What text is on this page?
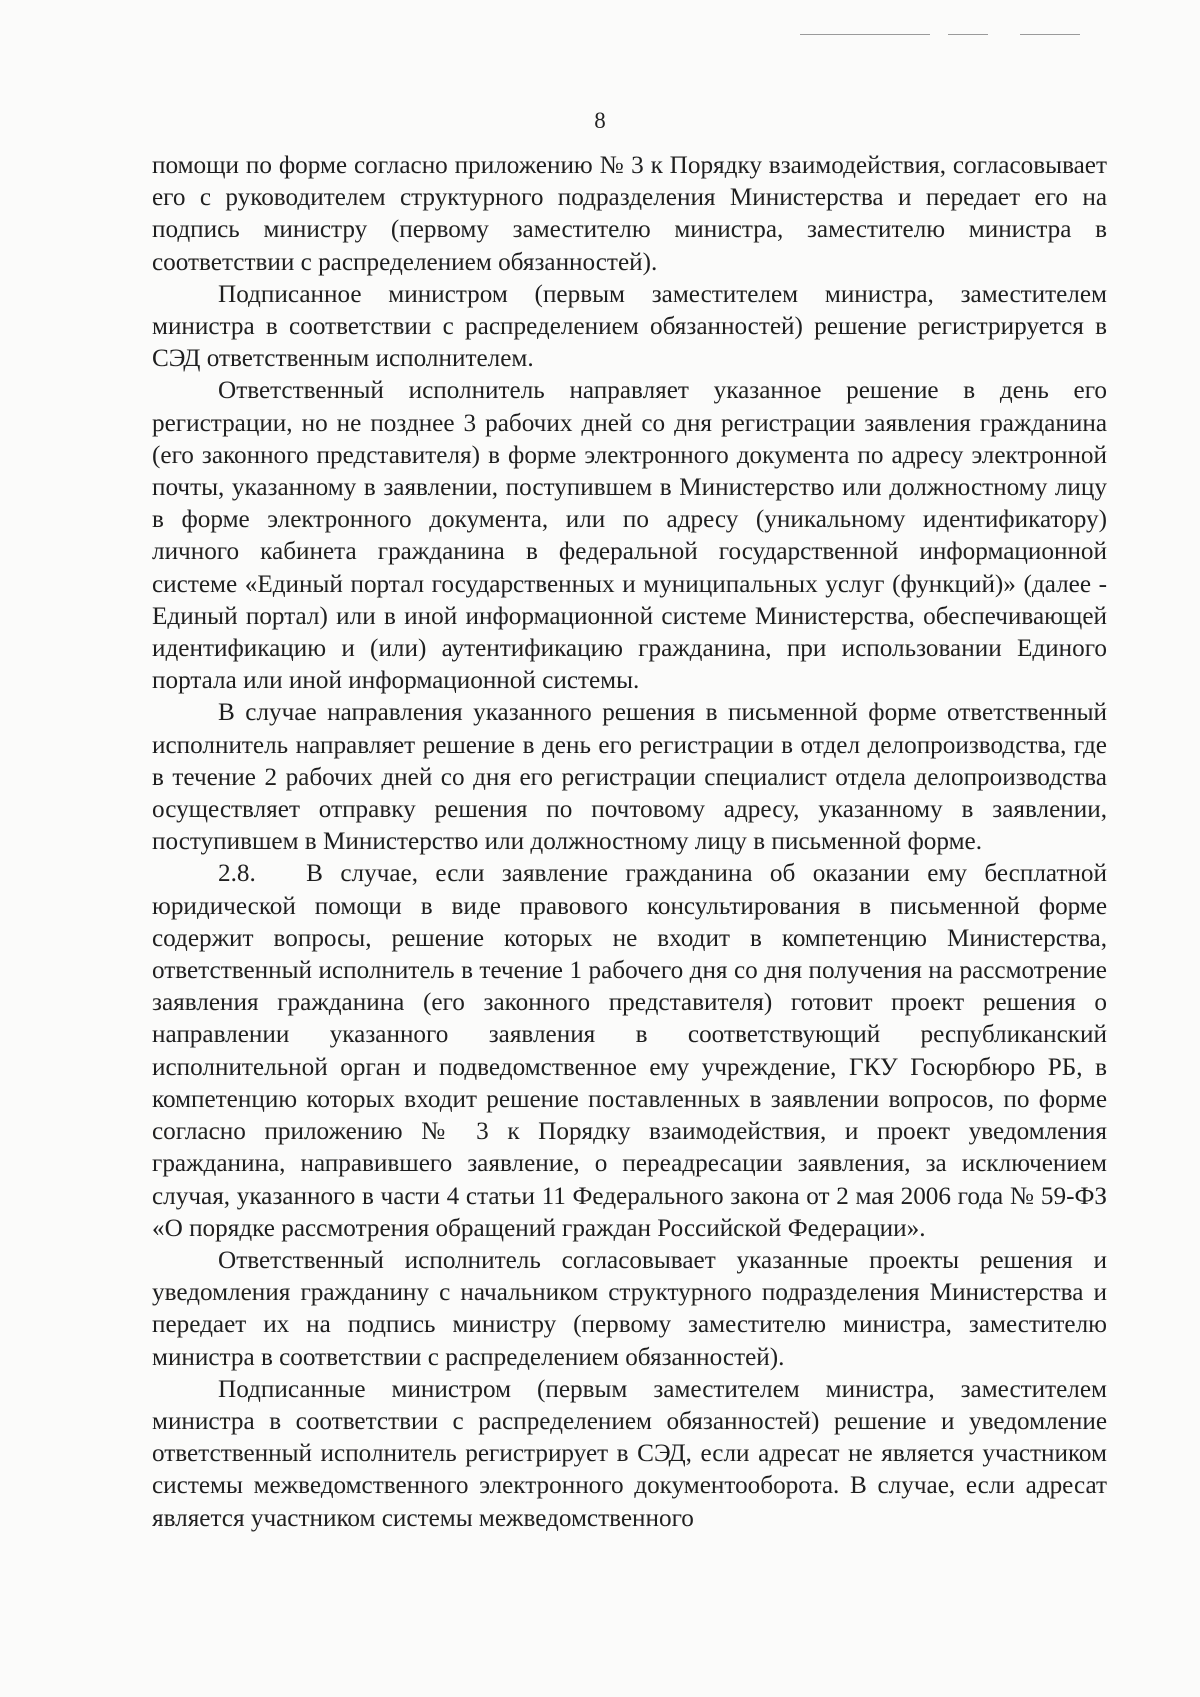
8

помощи по форме согласно приложению № 3 к Порядку взаимодействия, согласовывает его с руководителем структурного подразделения Министерства и передает его на подпись министру (первому заместителю министра, заместителю министра в соответствии с распределением обязанностей).

Подписанное министром (первым заместителем министра, заместителем министра в соответствии с распределением обязанностей) решение регистрируется в СЭД ответственным исполнителем.

Ответственный исполнитель направляет указанное решение в день его регистрации, но не позднее 3 рабочих дней со дня регистрации заявления гражданина (его законного представителя) в форме электронного документа по адресу электронной почты, указанному в заявлении, поступившем в Министерство или должностному лицу в форме электронного документа, или по адресу (уникальному идентификатору) личного кабинета гражданина в федеральной государственной информационной системе «Единый портал государственных и муниципальных услуг (функций)» (далее - Единый портал) или в иной информационной системе Министерства, обеспечивающей идентификацию и (или) аутентификацию гражданина, при использовании Единого портала или иной информационной системы.

В случае направления указанного решения в письменной форме ответственный исполнитель направляет решение в день его регистрации в отдел делопроизводства, где в течение 2 рабочих дней со дня его регистрации специалист отдела делопроизводства осуществляет отправку решения по почтовому адресу, указанному в заявлении, поступившем в Министерство или должностному лицу в письменной форме.

2.8.  В случае, если заявление гражданина об оказании ему бесплатной юридической помощи в виде правового консультирования в письменной форме содержит вопросы, решение которых не входит в компетенцию Министерства, ответственный исполнитель в течение 1 рабочего дня со дня получения на рассмотрение заявления гражданина (его законного представителя) готовит проект решения о направлении указанного заявления в соответствующий республиканский исполнительной орган и подведомственное ему учреждение, ГКУ Госюрбюро РБ, в компетенцию которых входит решение поставленных в заявлении вопросов, по форме согласно приложению № 3 к Порядку взаимодействия, и проект уведомления гражданина, направившего заявление, о переадресации заявления, за исключением случая, указанного в части 4 статьи 11 Федерального закона от 2 мая 2006 года № 59-ФЗ «О порядке рассмотрения обращений граждан Российской Федерации».

Ответственный исполнитель согласовывает указанные проекты решения и уведомления гражданину с начальником структурного подразделения Министерства и передает их на подпись министру (первому заместителю министра, заместителю министра в соответствии с распределением обязанностей).

Подписанные министром (первым заместителем министра, заместителем министра в соответствии с распределением обязанностей) решение и уведомление ответственный исполнитель регистрирует в СЭД, если адресат не является участником системы межведомственного электронного документооборота. В случае, если адресат является участником системы межведомственного
